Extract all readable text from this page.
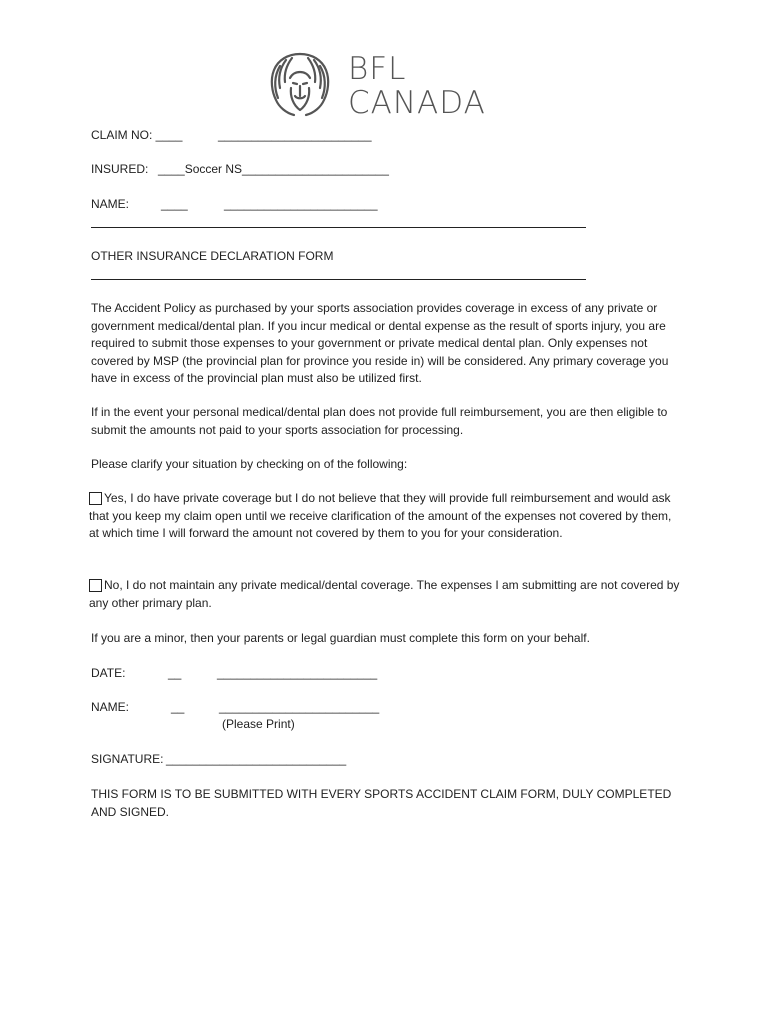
BFL
CANADA
CLAIM NO: ____	_______________________
INSURED: ____Soccer NS______________________
NAME:	____	_______________________
OTHER INSURANCE DECLARATION FORM
The Accident Policy as purchased by your sports association provides coverage in excess of any private or government medical/dental plan. If you incur medical or dental expense as the result of sports injury, you are required to submit those expenses to your government or private medical dental plan. Only expenses not covered by MSP (the provincial plan for province you reside in) will be considered. Any primary coverage you have in excess of the provincial plan must also be utilized first.
If in the event your personal medical/dental plan does not provide full reimbursement, you are then eligible to submit the amounts not paid to your sports association for processing.
Please clarify your situation by checking on of the following:
Yes, I do have private coverage but I do not believe that they will provide full reimbursement and would ask that you keep my claim open until we receive clarification of the amount of the expenses not covered by them, at which time I will forward the amount not covered by them to you for your consideration.
No, I do not maintain any private medical/dental coverage. The expenses I am submitting are not covered by any other primary plan.
If you are a minor, then your parents or legal guardian must complete this form on your behalf.
DATE:	__	________________________
NAME:	__	________________________
(Please Print)
SIGNATURE: ___________________________
THIS FORM IS TO BE SUBMITTED WITH EVERY SPORTS ACCIDENT CLAIM FORM, DULY COMPLETED AND SIGNED.
